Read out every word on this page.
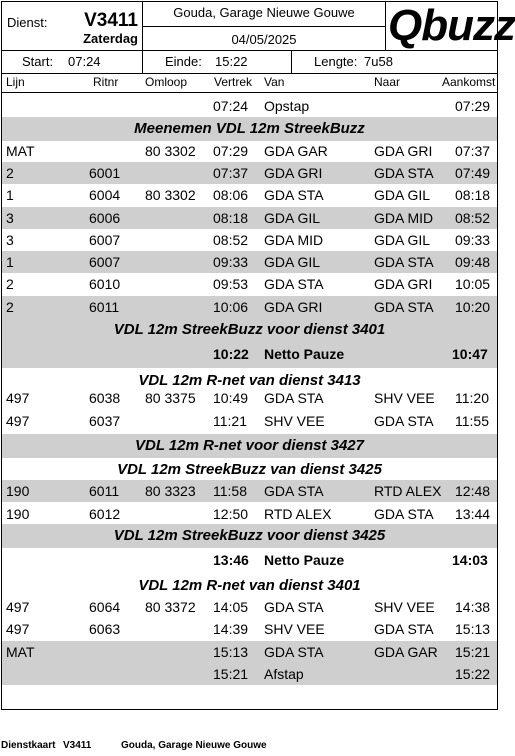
Dienst: V3411
Zaterdag
Gouda, Garage Nieuwe Gouwe
04/05/2025	Qbuzz
Start: 07:24	Einde: 15:22	Lengte: 7u58
Lijn	Ritnr Omloop Vertrek Van	Naar	Aankomst
07:24 Opstap	07:29
Meenemen VDL 12m StreekBuzz
MAT	80 3302 07:29 GDA GAR	GDA GRI 07:37
2	6001	07:37 GDA GRI	GDA STA 07:49
1	6004 80 3302 08:06 GDA STA	GDA GIL 08:18
3	6006	08:18 GDA GIL	GDA MID 08:52
3	6007	08:52 GDA MID	GDA GIL 09:33
1	6007	09:33 GDA GIL	GDA STA 09:48
2	6010	09:53 GDA STA	GDA GRI 10:05
2	6011	10:06 GDA GRI	GDA STA 10:20
VDL 12m StreekBuzz voor dienst 3401
10:22 Netto Pauze	10:47
VDL 12m R-net van dienst 3413
497	6038 80 3375 10:49 GDA STA	SHV VEE 11:20
497	6037	11:21 SHV VEE	GDA STA 11:55
VDL 12m R-net voor dienst 3427
VDL 12m StreekBuzz van dienst 3425
190	6011 80 3323 11:58 GDA STA	RTD ALEX 12:48
190	6012	12:50 RTD ALEX	GDA STA 13:44
VDL 12m StreekBuzz voor dienst 3425
13:46 Netto Pauze	14:03
VDL 12m R-net van dienst 3401
497	6064 80 3372 14:05 GDA STA	SHV VEE 14:38
497	6063	14:39 SHV VEE	GDA STA 15:13
MAT	15:13 GDA STA	GDA GAR 15:21
15:21 Afstap	15:22
Dienstkaart V3411	Gouda, Garage Nieuwe Gouwe
